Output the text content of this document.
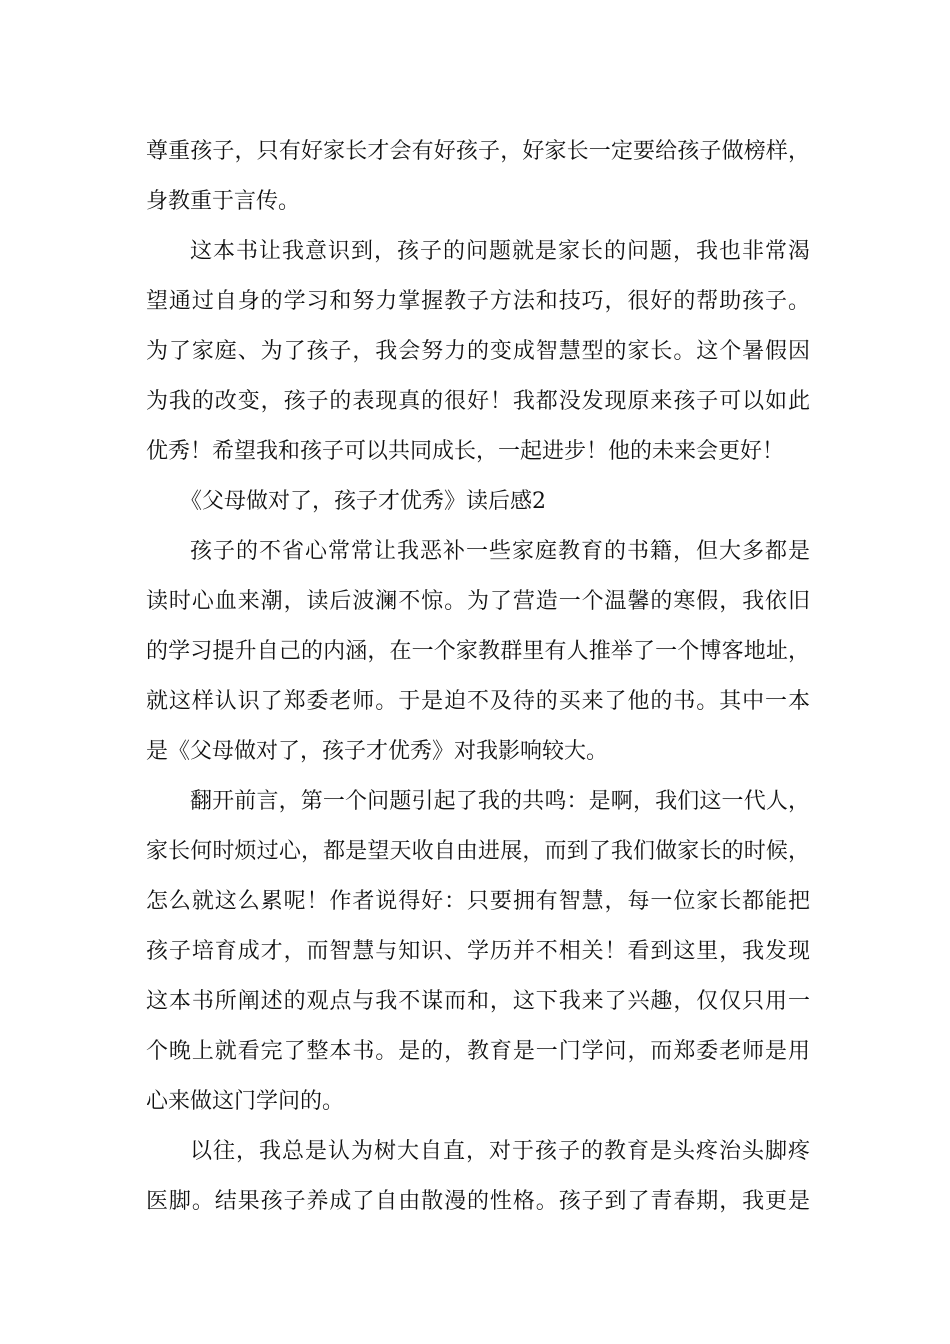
尊重孩子，只有好家长才会有好孩子，好家长一定要给孩子做榜样，
身教重于言传。
这本书让我意识到，孩子的问题就是家长的问题，我也非常渴
望通过自身的学习和努力掌握教子方法和技巧，很好的帮助孩子。
为了家庭、为了孩子，我会努力的变成智慧型的家长。这个暑假因
为我的改变，孩子的表现真的很好！我都没发现原来孩子可以如此
优秀！希望我和孩子可以共同成长，一起进步！他的未来会更好！
《父母做对了，孩子才优秀》读后感2
孩子的不省心常常让我恶补一些家庭教育的书籍，但大多都是
读时心血来潮，读后波澜不惊。为了营造一个温馨的寒假，我依旧
的学习提升自己的内涵，在一个家教群里有人推举了一个博客地址，
就这样认识了郑委老师。于是迫不及待的买来了他的书。其中一本
是《父母做对了，孩子才优秀》对我影响较大。
翻开前言，第一个问题引起了我的共鸣：是啊，我们这一代人，
家长何时烦过心，都是望天收自由进展，而到了我们做家长的时候，
怎么就这么累呢！作者说得好：只要拥有智慧，每一位家长都能把
孩子培育成才，而智慧与知识、学历并不相关！看到这里，我发现
这本书所阐述的观点与我不谋而和，这下我来了兴趣，仅仅只用一
个晚上就看完了整本书。是的，教育是一门学问，而郑委老师是用
心来做这门学问的。
以往，我总是认为树大自直，对于孩子的教育是头疼治头脚疼
医脚。结果孩子养成了自由散漫的性格。孩子到了青春期，我更是
